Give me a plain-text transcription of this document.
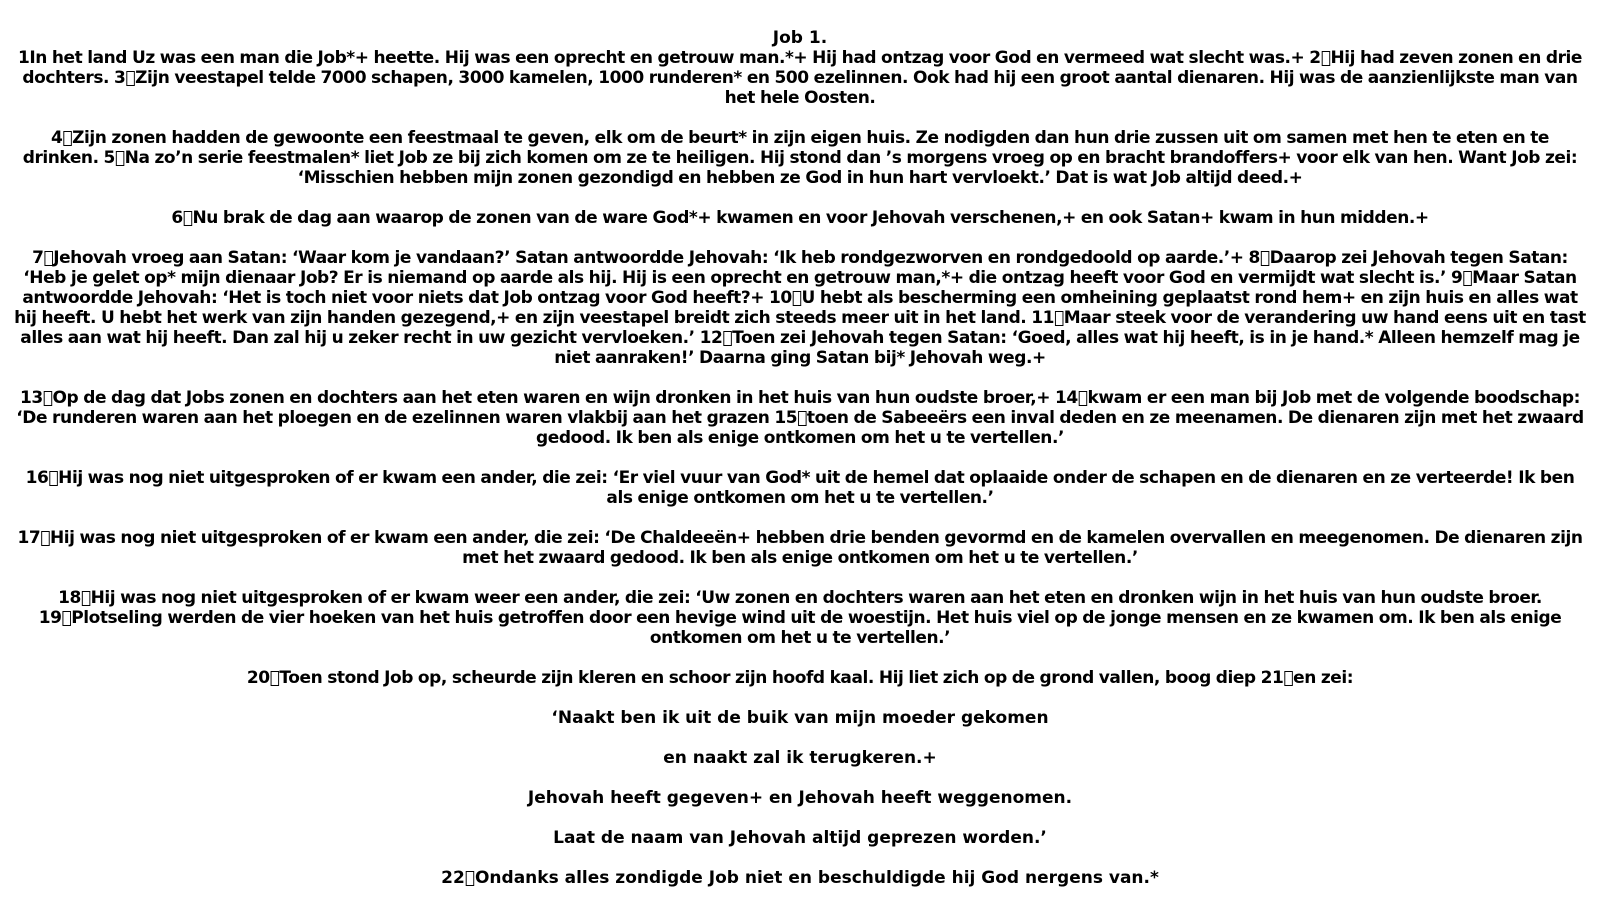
Job 1.

1In het land Uz was een man die Job*+ heette. Hij was een oprecht en getrouw man.*+ Hij had ontzag voor God en vermeed wat slecht was.+ 2 Hij had zeven zonen en drie dochters. 3 Zijn veestapel telde 7000 schapen, 3000 kamelen, 1000 runderen* en 500 ezelinnen. Ook had hij een groot aantal dienaren. Hij was de aanzienlijkste man van het hele Oosten.

4 Zijn zonen hadden de gewoonte een feestmaal te geven, elk om de beurt* in zijn eigen huis. Ze nodigden dan hun drie zussen uit om samen met hen te eten en te drinken. 5 Na zo’n serie feestmalen* liet Job ze bij zich komen om ze te heiligen. Hij stond dan ’s morgens vroeg op en bracht brandoffers+ voor elk van hen. Want Job zei: ‘Misschien hebben mijn zonen gezondigd en hebben ze God in hun hart vervloekt.’ Dat is wat Job altijd deed.+

6 Nu brak de dag aan waarop de zonen van de ware God*+ kwamen en voor Jehovah verschenen,+ en ook Satan+ kwam in hun midden.+

7 Jehovah vroeg aan Satan: ‘Waar kom je vandaan?’ Satan antwoordde Jehovah: ‘Ik heb rondgezworven en rondgedoold op aarde.’+ 8 Daarop zei Jehovah tegen Satan: ‘Heb je gelet op* mijn dienaar Job? Er is niemand op aarde als hij. Hij is een oprecht en getrouw man,*+ die ontzag heeft voor God en vermijdt wat slecht is.’ 9 Maar Satan antwoordde Jehovah: ‘Het is toch niet voor niets dat Job ontzag voor God heeft?+ 10 U hebt als bescherming een omheining geplaatst rond hem+ en zijn huis en alles wat hij heeft. U hebt het werk van zijn handen gezegend,+ en zijn veestapel breidt zich steeds meer uit in het land. 11 Maar steek voor de verandering uw hand eens uit en tast alles aan wat hij heeft. Dan zal hij u zeker recht in uw gezicht vervloeken.’ 12 Toen zei Jehovah tegen Satan: ‘Goed, alles wat hij heeft, is in je hand.* Alleen hemzelf mag je niet aanraken!’ Daarna ging Satan bij* Jehovah weg.+

13 Op de dag dat Jobs zonen en dochters aan het eten waren en wijn dronken in het huis van hun oudste broer,+ 14 kwam er een man bij Job met de volgende boodschap: ‘De runderen waren aan het ploegen en de ezelinnen waren vlakbij aan het grazen 15 toen de Sabeeërs een inval deden en ze meenamen. De dienaren zijn met het zwaard gedood. Ik ben als enige ontkomen om het u te vertellen.’

16 Hij was nog niet uitgesproken of er kwam een ander, die zei: ‘Er viel vuur van God* uit de hemel dat oplaaide onder de schapen en de dienaren en ze verteerde! Ik ben als enige ontkomen om het u te vertellen.’

17 Hij was nog niet uitgesproken of er kwam een ander, die zei: ‘De Chaldeeën+ hebben drie benden gevormd en de kamelen overvallen en meegenomen. De dienaren zijn met het zwaard gedood. Ik ben als enige ontkomen om het u te vertellen.’

18 Hij was nog niet uitgesproken of er kwam weer een ander, die zei: ‘Uw zonen en dochters waren aan het eten en dronken wijn in het huis van hun oudste broer. 19 Plotseling werden de vier hoeken van het huis getroffen door een hevige wind uit de woestijn. Het huis viel op de jonge mensen en ze kwamen om. Ik ben als enige ontkomen om het u te vertellen.’

20 Toen stond Job op, scheurde zijn kleren en schoor zijn hoofd kaal. Hij liet zich op de grond vallen, boog diep 21 en zei:

‘Naakt ben ik uit de buik van mijn moeder gekomen

en naakt zal ik terugkeren.+

Jehovah heeft gegeven+ en Jehovah heeft weggenomen.

Laat de naam van Jehovah altijd geprezen worden.’

22 Ondanks alles zondigde Job niet en beschuldigde hij God nergens van.*
